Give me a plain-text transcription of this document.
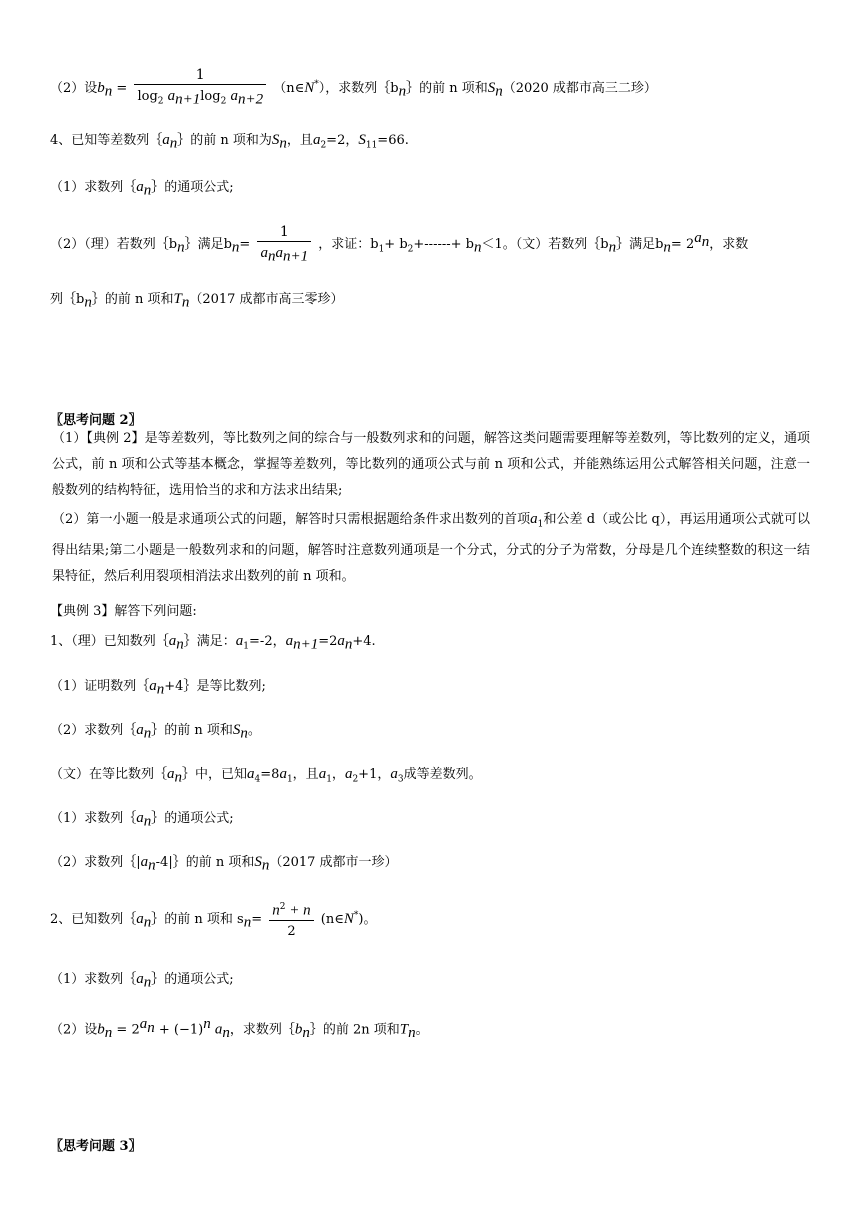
（2）设$b_n = \frac{1}{\log_2 a_{n+1}\log_2 a_{n+2}}$ （n∈N*），求数列$\{b_n\}$的前 n 项和$S_n(2020$ 成都市高三二珍）
4、已知等差数列$\{a_n\}$的前 n 项和为$S_n$，且$a_2=2$，$S_{11}=66$.
（1）求数列$\{a_n\}$的通项公式;
（2）（理）若数列$\{b_n\}$满足$b_n= \frac{1}{a_na_{n+1}}$ ，求证：$b_1+ b_2+------+ b_n<1$。（文）若数列$\{b_n\}$满足$b_n= 2^{a_n}$，求数
列$\{b_n\}$的前 n 项和$T_n(2017$ 成都市高三零珍）
〖思考问题 2〗
（1）【典例 2】是等差数列，等比数列之间的综合与一般数列求和的问题，解答这类问题需要理解等差数列，等比数列的定义，通项公式，前 n 项和公式等基本概念，掌握等差数列，等比数列的通项公式与前 n 项和公式，并能熟练运用公式解答相关问题，注意一般数列的结构特征，选用恰当的求和方法求出结果;
（2）第一小题一般是求通项公式的问题，解答时只需根据题给条件求出数列的首项$a_1$和公差 d（或公比 q），再运用通项公式就可以得出结果;第二小题是一般数列求和的问题，解答时注意数列通项是一个分式，分式的分子为常数，分母是几个连续整数的积这一结果特征，然后利用裂项相消法求出数列的前 n 项和。
【典例 3】解答下列问题:
1、（理）已知数列$\{a_n\}$满足：$a_1=-2$，$a_{n+1}=2a_n+4$.
（1）证明数列$\{a_n+4\}$是等比数列;
（2）求数列$\{a_n\}$的前 n 项和$S_n$。
（文）在等比数列$\{a_n\}$中，已知$a_4=8a_1$，且$a_1$，$a_2+1$，$a_3$成等差数列。
（1）求数列$\{a_n\}$的通项公式;
（2）求数列$\{|a_n-4|\}$的前 n 项和$S_n(2017$ 成都市一珍）
2、已知数列$\{a_n\}$的前 n 项和 $s_n= \frac{n^2 + n}{2}$ (n∈N*)。
（1）求数列$\{a_n\}$的通项公式;
（2）设$b_n = 2^{a_n} + (-1)^n$ $a_n$，求数列$\{b_n\}$的前 2n 项和$T_n$。
〖思考问题 3〗
